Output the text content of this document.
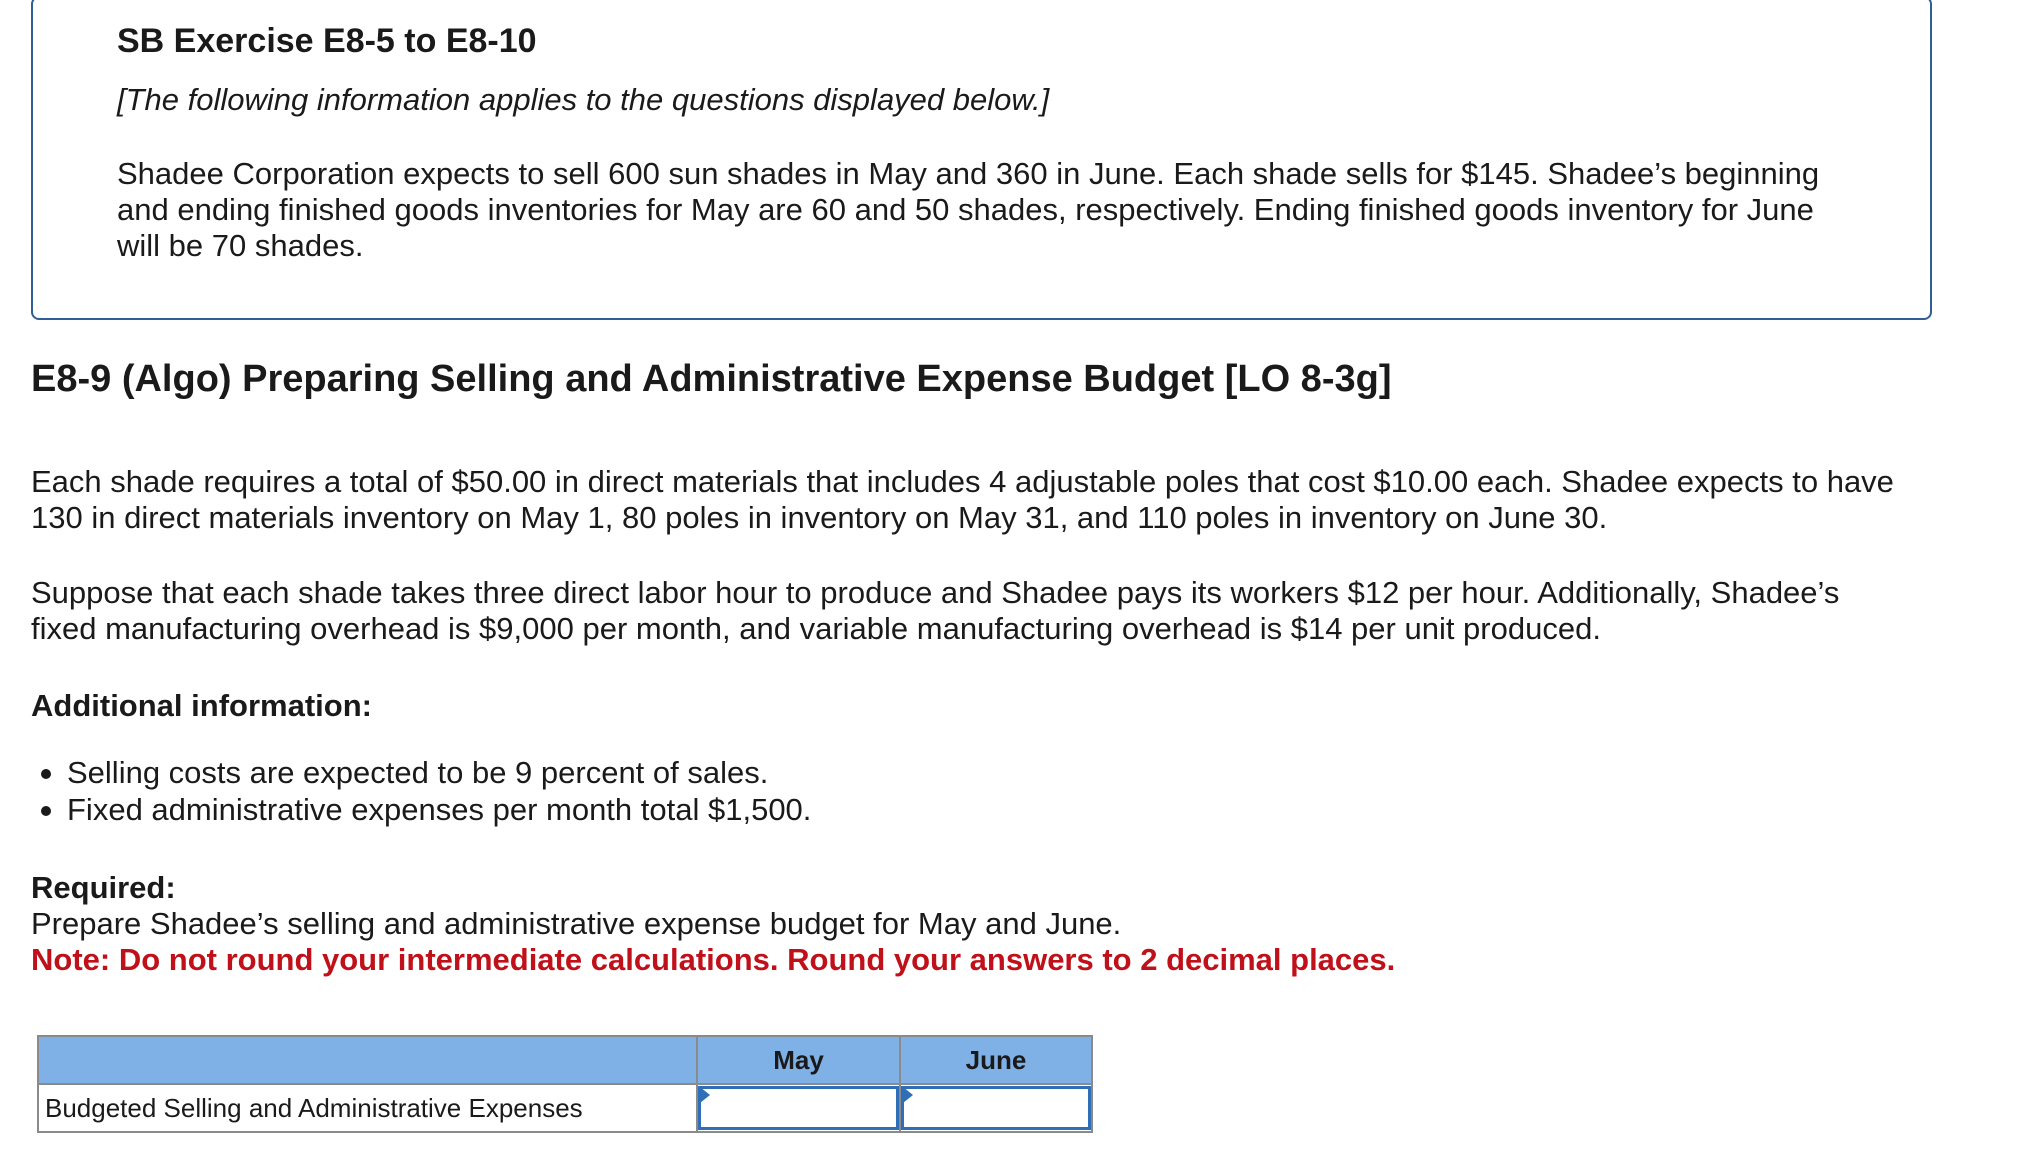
SB Exercise E8-5 to E8-10
[The following information applies to the questions displayed below.]
Shadee Corporation expects to sell 600 sun shades in May and 360 in June. Each shade sells for $145. Shadee’s beginning and ending finished goods inventories for May are 60 and 50 shades, respectively. Ending finished goods inventory for June will be 70 shades.
E8-9 (Algo) Preparing Selling and Administrative Expense Budget [LO 8-3g]
Each shade requires a total of $50.00 in direct materials that includes 4 adjustable poles that cost $10.00 each. Shadee expects to have 130 in direct materials inventory on May 1, 80 poles in inventory on May 31, and 110 poles in inventory on June 30.
Suppose that each shade takes three direct labor hour to produce and Shadee pays its workers $12 per hour. Additionally, Shadee’s fixed manufacturing overhead is $9,000 per month, and variable manufacturing overhead is $14 per unit produced.
Additional information:
Selling costs are expected to be 9 percent of sales.
Fixed administrative expenses per month total $1,500.
Required:
Prepare Shadee’s selling and administrative expense budget for May and June.
Note: Do not round your intermediate calculations. Round your answers to 2 decimal places.
	May	June
Budgeted Selling and Administrative Expenses	
